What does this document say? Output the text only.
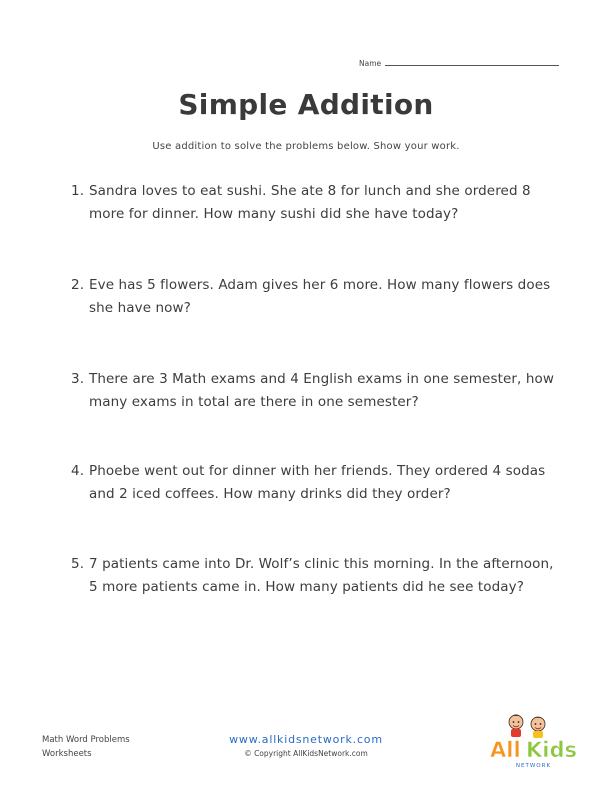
Name
Simple Addition
Use addition to solve the problems below. Show your work.
1. Sandra loves to eat sushi. She ate 8 for lunch and she ordered 8
more for dinner. How many sushi did she have today?
2. Eve has 5 flowers. Adam gives her 6 more. How many flowers does
she have now?
3. There are 3 Math exams and 4 English exams in one semester, how
many exams in total are there in one semester?
4. Phoebe went out for dinner with her friends. They ordered 4 sodas
and 2 iced coffees. How many drinks did they order?
5. 7 patients came into Dr. Wolf’s clinic this morning. In the afternoon,
5 more patients came in. How many patients did he see today?
Math Word Problems
Worksheets
www.allkidsnetwork.com
© Copyright AllKidsNetwork.com	All Kids
NETWORK
